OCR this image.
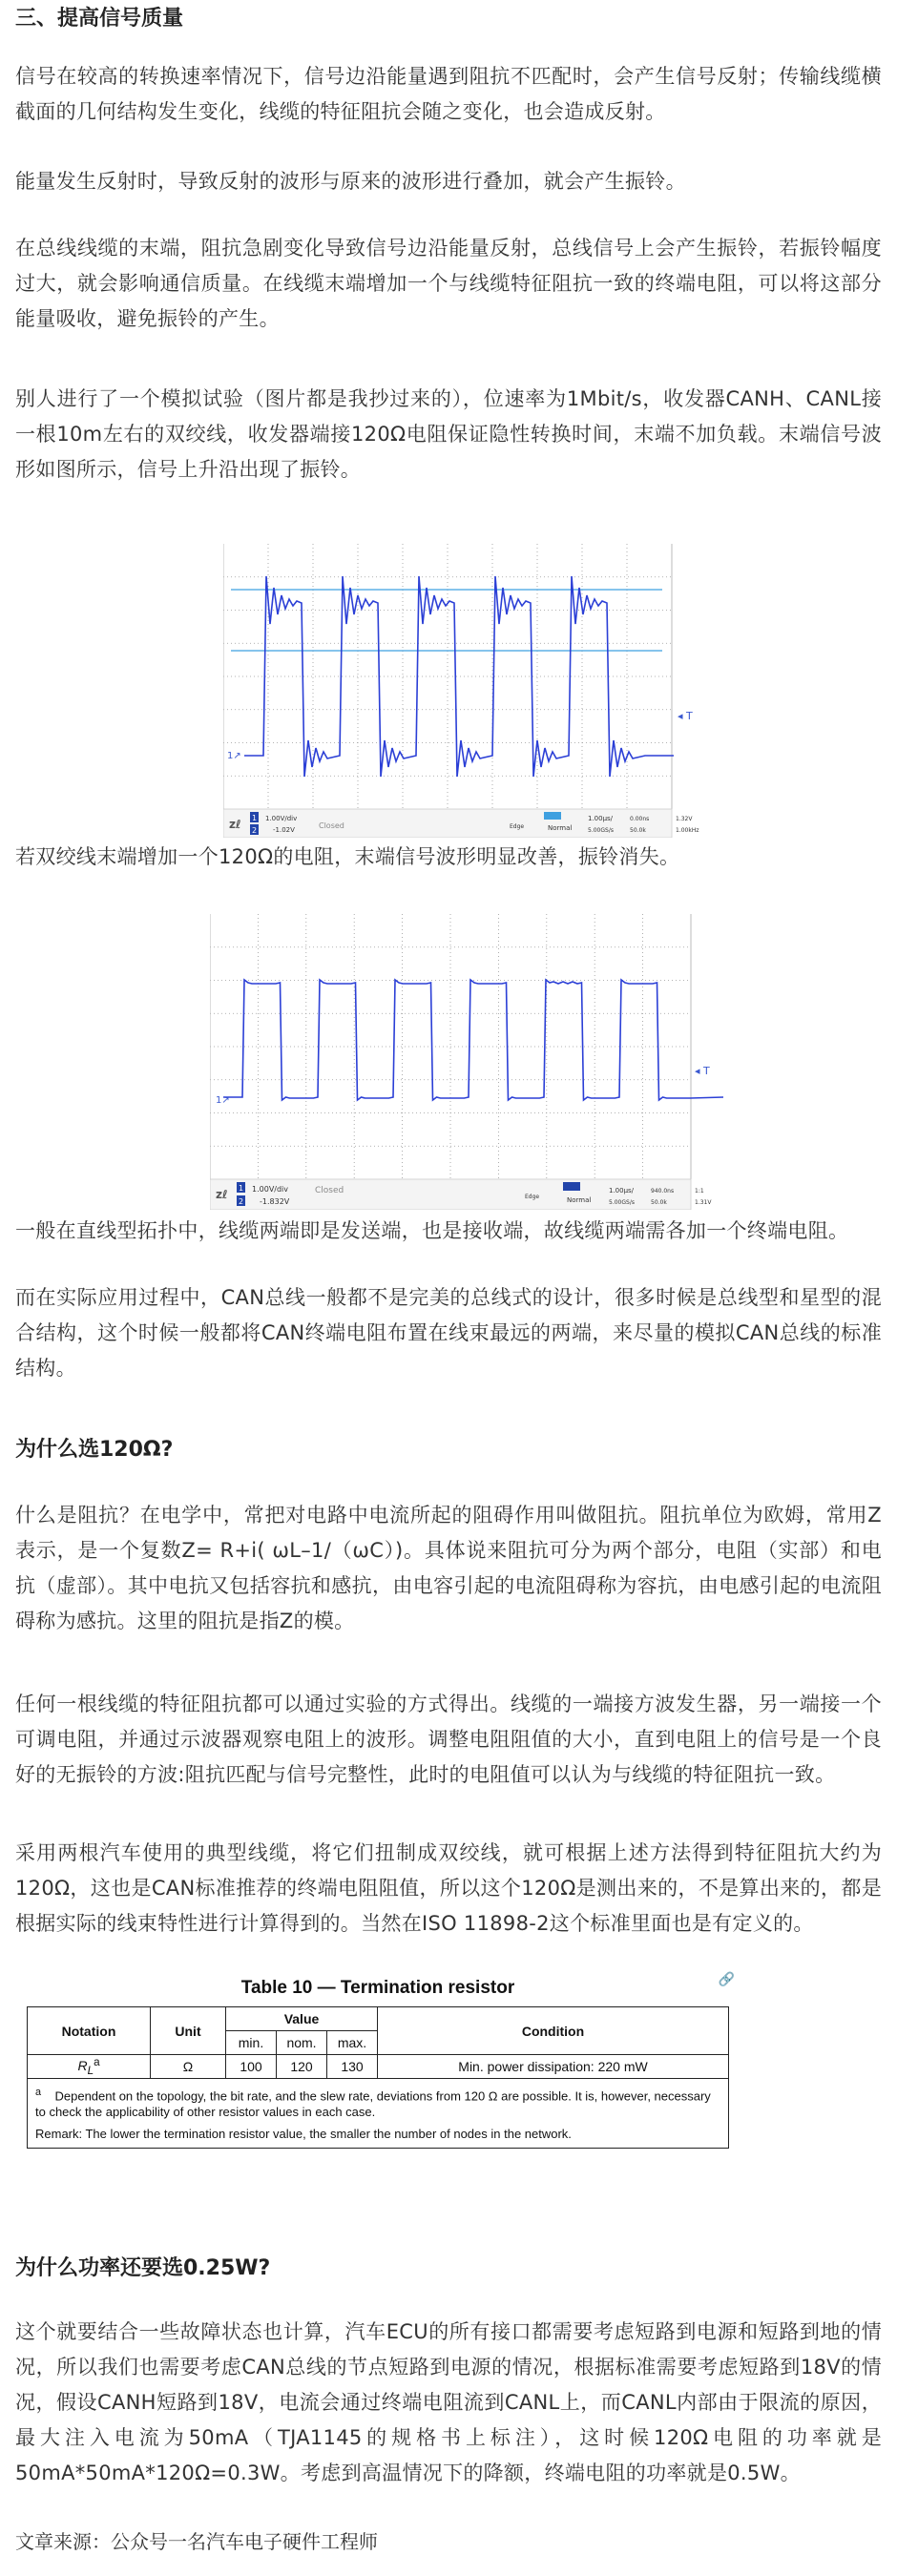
三、提高信号质量

信号在较高的转换速率情况下，信号边沿能量遇到阻抗不匹配时，会产生信号反射；传输线缆横截面的几何结构发生变化，线缆的特征阻抗会随之变化，也会造成反射。

能量发生反射时，导致反射的波形与原来的波形进行叠加，就会产生振铃。

在总线线缆的末端，阻抗急剧变化导致信号边沿能量反射，总线信号上会产生振铃，若振铃幅度过大，就会影响通信质量。在线缆末端增加一个与线缆特征阻抗一致的终端电阻，可以将这部分能量吸收，避免振铃的产生。

别人进行了一个模拟试验（图片都是我抄过来的），位速率为1Mbit/s，收发器CANH、CANL接一根10m左右的双绞线，收发器端接120Ω电阻保证隐性转换时间，末端不加负载。末端信号波形如图所示，信号上升沿出现了振铃。

1↗
◂ T
zℓ 1
2
1.00V/div
-1.02V	Closed	Normal
1.00μs/
5.00GS/s
0.00ns
50.0k
Edge
1.32V
1.00kHz

若双绞线末端增加一个120Ω的电阻，末端信号波形明显改善，振铃消失。

1↗
◂ T
zℓ 1
2
1.00V/div
-1.832V
Closed
Normal
1.00μs/
5.00GS/s
940.0ns
50.0k
Edge
1:1
1.31V

一般在直线型拓扑中，线缆两端即是发送端，也是接收端，故线缆两端需各加一个终端电阻。

而在实际应用过程中，CAN总线一般都不是完美的总线式的设计，很多时候是总线型和星型的混合结构，这个时候一般都将CAN终端电阻布置在线束最远的两端，来尽量的模拟CAN总线的标准结构。

为什么选120Ω?

什么是阻抗？在电学中，常把对电路中电流所起的阻碍作用叫做阻抗。阻抗单位为欧姆，常用Z表示，是一个复数Z= R+i( ωL–1/（ωC）)。具体说来阻抗可分为两个部分，电阻（实部）和电抗（虚部）。其中电抗又包括容抗和感抗，由电容引起的电流阻碍称为容抗，由电感引起的电流阻碍称为感抗。这里的阻抗是指Z的模。

任何一根线缆的特征阻抗都可以通过实验的方式得出。线缆的一端接方波发生器，另一端接一个可调电阻，并通过示波器观察电阻上的波形。调整电阻阻值的大小，直到电阻上的信号是一个良好的无振铃的方波:阻抗匹配与信号完整性，此时的电阻值可以认为与线缆的特征阻抗一致。

采用两根汽车使用的典型线缆，将它们扭制成双绞线，就可根据上述方法得到特征阻抗大约为120Ω，这也是CAN标准推荐的终端电阻阻值，所以这个120Ω是测出来的，不是算出来的，都是根据实际的线束特性进行计算得到的。当然在ISO 11898-2这个标准里面也是有定义的。

Table 10 — Termination resistor	🔗
Notation	Unit	Value			Condition
		min.	nom.	max.	
$R_L^a$	Ω	100	120	130	Min. power dissipation: 220 mW
$^a$ Dependent on the topology, the bit rate, and the slew rate, deviations from 120 Ω are possible. It is, however, necessary to check the applicability of other resistor values in each case.
Remark: The lower the termination resistor value, the smaller the number of nodes in the network.					
为什么功率还要选0.25W?

这个就要结合一些故障状态也计算，汽车ECU的所有接口都需要考虑短路到电源和短路到地的情况，所以我们也需要考虑CAN总线的节点短路到电源的情况，根据标准需要考虑短路到18V的情况，假设CANH短路到18V，电流会通过终端电阻流到CANL上，而CANL内部由于限流的原因，最大注入电流为50mA（TJA1145的规格书上标注），这时候120Ω电阻的功率就是50mA*50mA*120Ω=0.3W。考虑到高温情况下的降额，终端电阻的功率就是0.5W。

文章来源：公众号一名汽车电子硬件工程师
